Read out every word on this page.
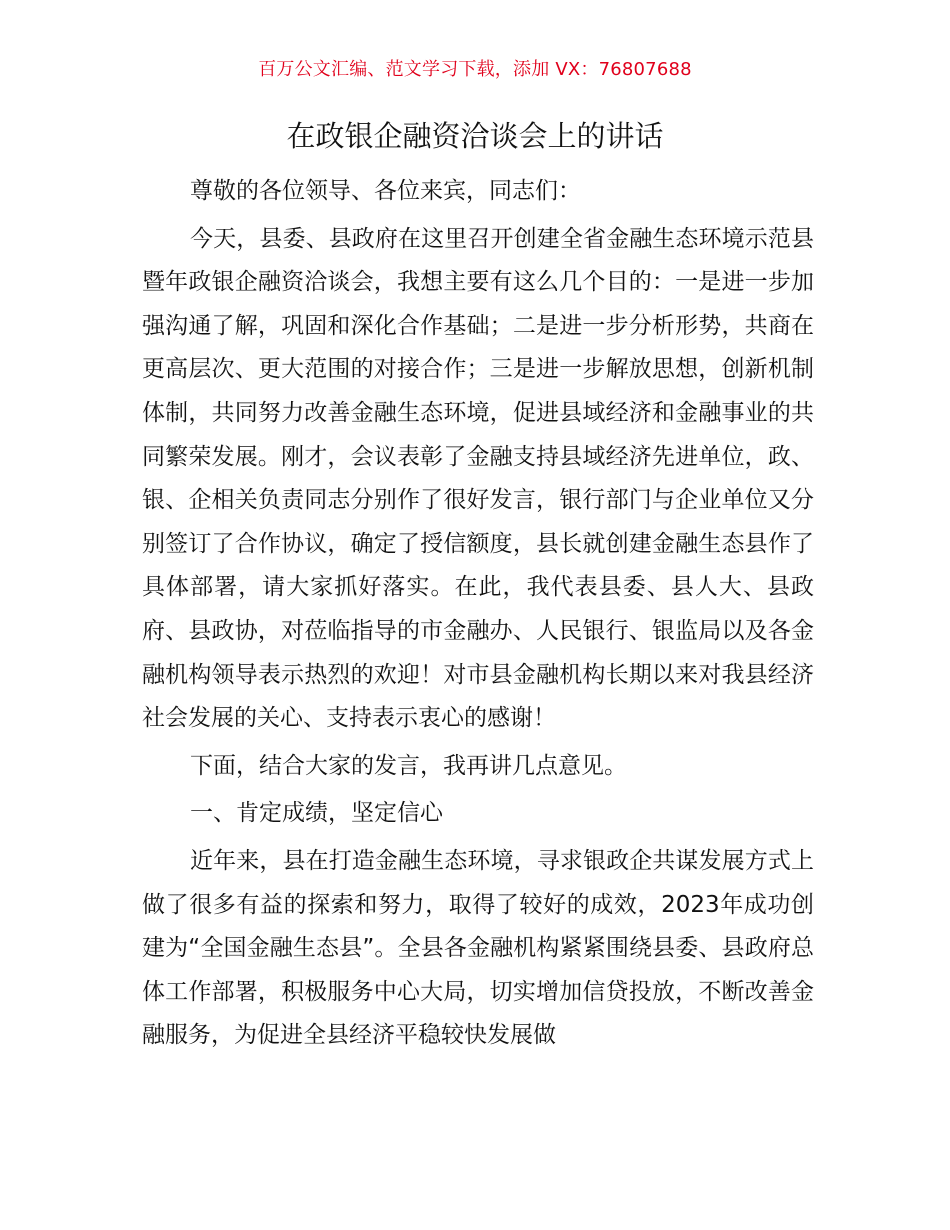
百万公文汇编、范文学习下载，添加 VX：76807688
在政银企融资洽谈会上的讲话

尊敬的各位领导、各位来宾，同志们：

今天，县委、县政府在这里召开创建全省金融生态环境示范县暨年政银企融资洽谈会，我想主要有这么几个目的：一是进一步加强沟通了解，巩固和深化合作基础；二是进一步分析形势，共商在更高层次、更大范围的对接合作；三是进一步解放思想，创新机制体制，共同努力改善金融生态环境，促进县域经济和金融事业的共同繁荣发展。刚才，会议表彰了金融支持县域经济先进单位，政、银、企相关负责同志分别作了很好发言，银行部门与企业单位又分别签订了合作协议，确定了授信额度，县长就创建金融生态县作了具体部署，请大家抓好落实。在此，我代表县委、县人大、县政府、县政协，对莅临指导的市金融办、人民银行、银监局以及各金融机构领导表示热烈的欢迎！对市县金融机构长期以来对我县经济社会发展的关心、支持表示衷心的感谢！

下面，结合大家的发言，我再讲几点意见。

一、肯定成绩，坚定信心

近年来，县在打造金融生态环境，寻求银政企共谋发展方式上做了很多有益的探索和努力，取得了较好的成效，2023年成功创建为“全国金融生态县”。全县各金融机构紧紧围绕县委、县政府总体工作部署，积极服务中心大局，切实增加信贷投放，不断改善金融服务，为促进全县经济平稳较快发展做
